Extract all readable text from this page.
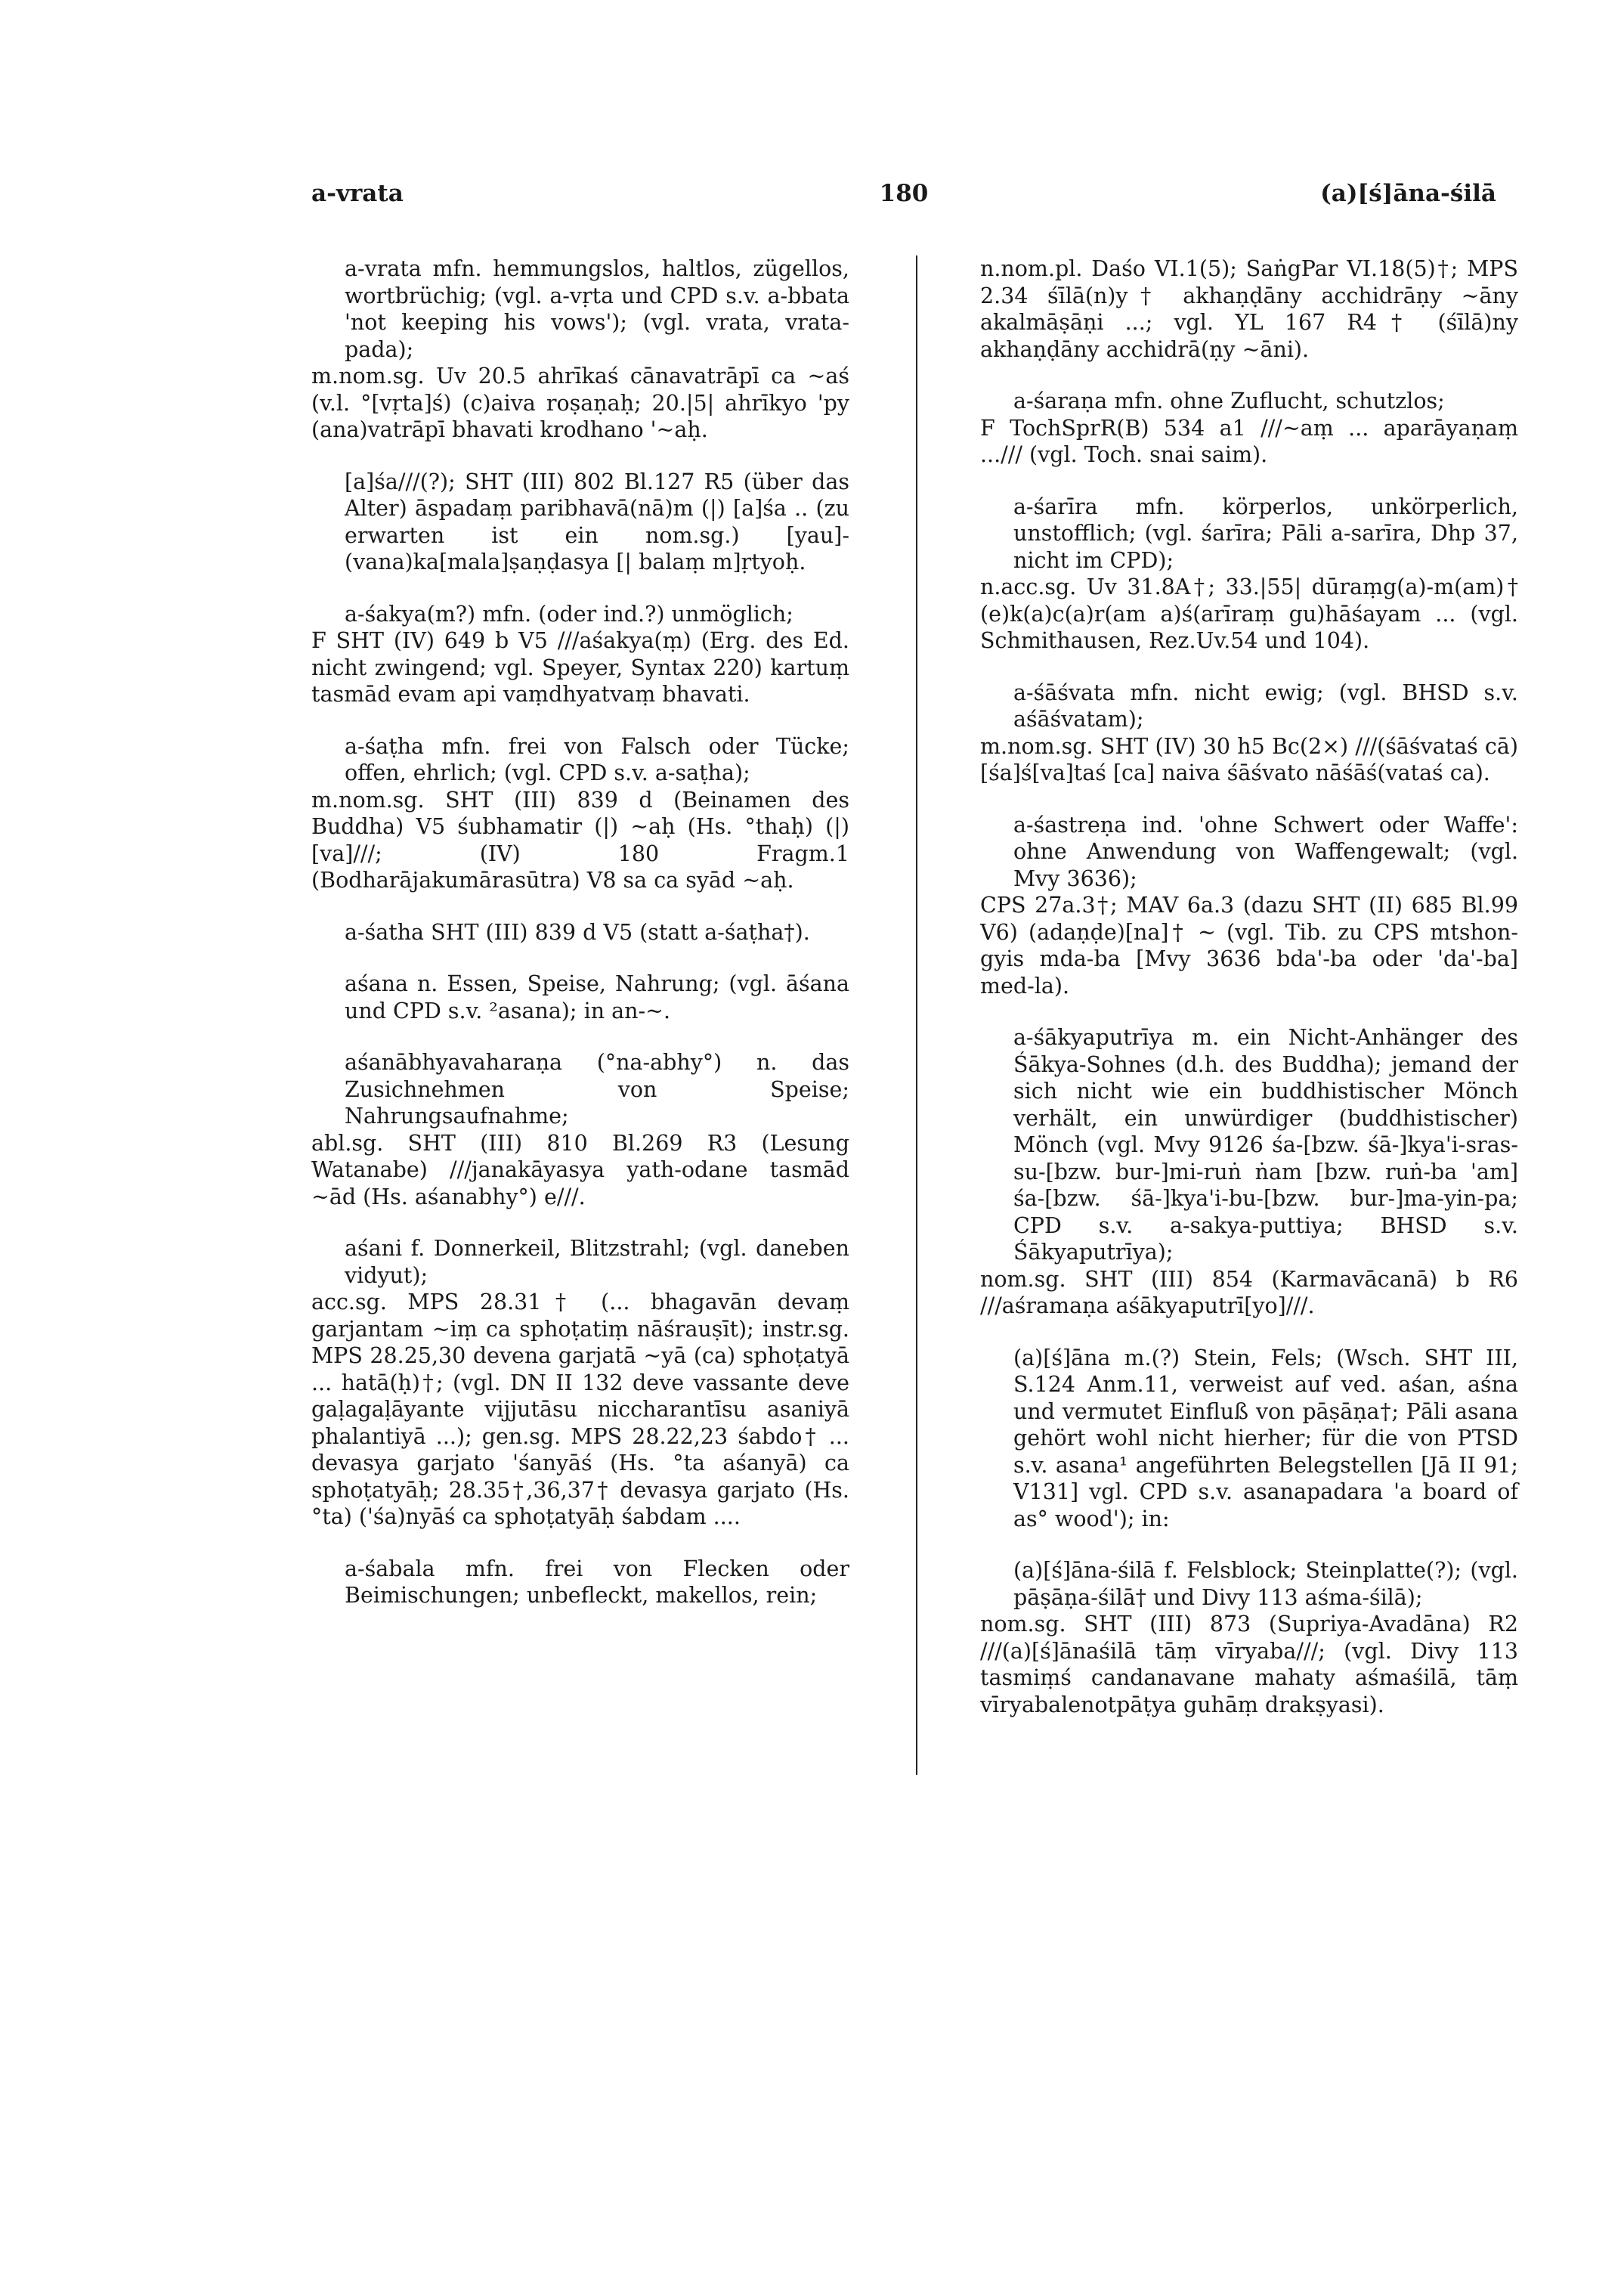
a-vrata	180	(a)[ś]āna-śilā

a-vrata mfn. hemmungslos, haltlos, zügellos, wortbrüchig; (vgl. a-vṛta und CPD s.v. a-bbata 'not keeping his vows'); (vgl. vrata, vrata-pada);

m.nom.sg. Uv 20.5 ahrīkaś cānavatrāpī ca ~aś (v.l. °[vṛta]ś) (c)aiva roṣaṇaḥ; 20.|5| ahrīkyo 'py (ana)vatrāpī bhavati krodhano '~aḥ.

[a]śa///(?); SHT (III) 802 Bl.127 R5 (über das Alter) āspadaṃ paribhavā(nā)m (|) [a]śa .. (zu erwarten ist ein nom.sg.) [yau]-(vana)ka[mala]ṣaṇḍasya [| balaṃ m]ṛtyoḥ.

a-śakya(m?) mfn. (oder ind.?) unmöglich;

F SHT (IV) 649 b V5 ///aśakya(ṃ) (Erg. des Ed. nicht zwingend; vgl. Speyer, Syntax 220) kartuṃ tasmād evam api vaṃdhyatvaṃ bhavati.

a-śaṭha mfn. frei von Falsch oder Tücke; offen, ehrlich; (vgl. CPD s.v. a-saṭha);

m.nom.sg. SHT (III) 839 d (Beinamen des Buddha) V5 śubhamatir (|) ~aḥ (Hs. °thaḥ) (|) [va]///; (IV) 180 Fragm.1 (Bodharājakumārasūtra) V8 sa ca syād ~aḥ.

a-śatha SHT (III) 839 d V5 (statt a-śaṭha†).

aśana n. Essen, Speise, Nahrung; (vgl. āśana und CPD s.v. ²asana); in an-~.

aśanābhyavaharaṇa (°na-abhy°) n. das Zusichnehmen von Speise; Nahrungsaufnahme;

abl.sg. SHT (III) 810 Bl.269 R3 (Lesung Watanabe) ///janakāyasya yath-odane tasmād ~ād (Hs. aśanabhy°) e///.

aśani f. Donnerkeil, Blitzstrahl; (vgl. daneben vidyut);

acc.sg. MPS 28.31† (... bhagavān devaṃ garjantam ~iṃ ca sphoṭatiṃ nāśrauṣīt); instr.sg. MPS 28.25,30 devena garjatā ~yā (ca) sphoṭatyā ... hatā(ḥ)†; (vgl. DN II 132 deve vassante deve gaḷagaḷāyante vijjutāsu niccharantīsu asaniyā phalantiyā ...); gen.sg. MPS 28.22,23 śabdo† ... devasya garjato 'śanyāś (Hs. °ta aśanyā) ca sphoṭatyāḥ; 28.35†,36,37† devasya garjato (Hs. °ta) ('śa)nyāś ca sphoṭatyāḥ śabdam ....

a-śabala mfn. frei von Flecken oder Beimischungen; unbefleckt, makellos, rein;

n.nom.pl. Daśo VI.1(5); SaṅgPar VI.18(5)†; MPS 2.34 śīlā(n)y† akhaṇḍāny acchidrāṇy ~āny akalmāṣāṇi ...; vgl. YL 167 R4† (śīlā)ny akhaṇḍāny acchidrā(ṇy ~āni).

a-śaraṇa mfn. ohne Zuflucht, schutzlos;

F TochSprR(B) 534 a1 ///~aṃ ... aparāyaṇaṃ .../// (vgl. Toch. snai saim).

a-śarīra mfn. körperlos, unkörperlich, unstofflich; (vgl. śarīra; Pāli a-sarīra, Dhp 37, nicht im CPD);

n.acc.sg. Uv 31.8A†; 33.|55| dūraṃg(a)-m(am)† (e)k(a)c(a)r(am a)ś(arīraṃ gu)hāśayam ... (vgl. Schmithausen, Rez.Uv.54 und 104).

a-śāśvata mfn. nicht ewig; (vgl. BHSD s.v. aśāśvatam);

m.nom.sg. SHT (IV) 30 h5 Bc(2×) ///(śāśvataś cā)[śa]ś[va]taś [ca] naiva śāśvato nāśāś(vataś ca).

a-śastreṇa ind. 'ohne Schwert oder Waffe': ohne Anwendung von Waffengewalt; (vgl. Mvy 3636);

CPS 27a.3†; MAV 6a.3 (dazu SHT (II) 685 Bl.99 V6) (adaṇḍe)[na]† ~ (vgl. Tib. zu CPS mtshon-gyis mda-ba [Mvy 3636 bda'-ba oder 'da'-ba] med-la).

a-śākyaputrīya m. ein Nicht-Anhänger des Śākya-Sohnes (d.h. des Buddha); jemand der sich nicht wie ein buddhistischer Mönch verhält, ein unwürdiger (buddhistischer) Mönch (vgl. Mvy 9126 śa-[bzw. śā-]kya'i-sras-su-[bzw. bur-]mi-ruṅ ṅam [bzw. ruṅ-ba 'am] śa-[bzw. śā-]kya'i-bu-[bzw. bur-]ma-yin-pa; CPD s.v. a-sakya-puttiya; BHSD s.v. Śākyaputrīya);

nom.sg. SHT (III) 854 (Karmavācanā) b R6 ///aśramaṇa aśākyaputrī[yo]///.

(a)[ś]āna m.(?) Stein, Fels; (Wsch. SHT III, S.124 Anm.11, verweist auf ved. aśan, aśna und vermutet Einfluß von pāṣāṇa†; Pāli asana gehört wohl nicht hierher; für die von PTSD s.v. asana¹ angeführten Belegstellen [Jā II 91; V131] vgl. CPD s.v. asanapadara 'a board of as° wood'); in:

(a)[ś]āna-śilā f. Felsblock; Steinplatte(?); (vgl. pāṣāṇa-śilā† und Divy 113 aśma-śilā);

nom.sg. SHT (III) 873 (Supriya-Avadāna) R2 ///(a)[ś]ānaśilā tāṃ vīryaba///; (vgl. Divy 113 tasmiṃś candanavane mahaty aśmaśilā, tāṃ vīryabalenotpāṭya guhāṃ drakṣyasi).
